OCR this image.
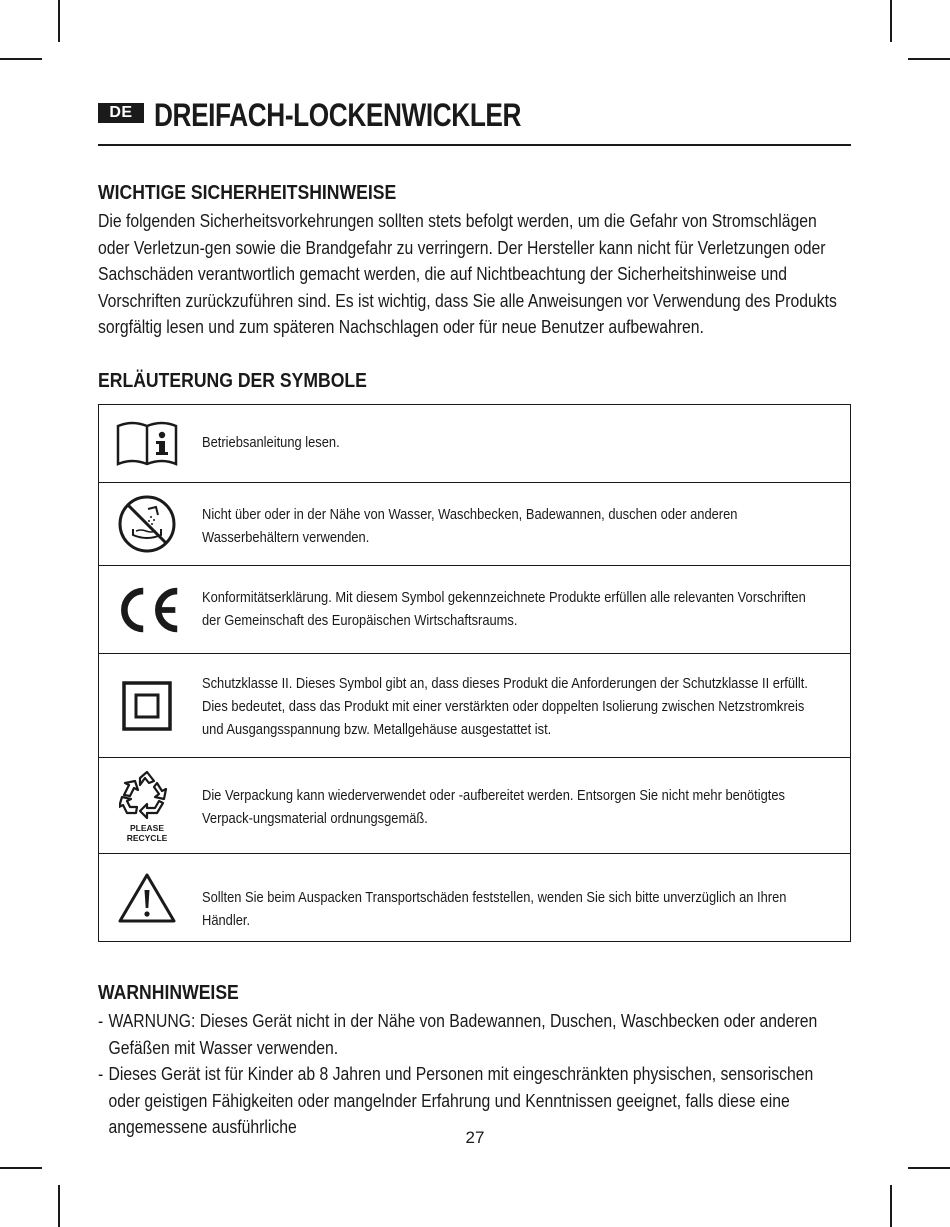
DE DREIFACH-LOCKENWICKLER
WICHTIGE SICHERHEITSHINWEISE
Die folgenden Sicherheitsvorkehrungen sollten stets befolgt werden, um die Gefahr von Stromschlägen oder Verletzun-gen sowie die Brandgefahr zu verringern. Der Hersteller kann nicht für Verletzungen oder Sachschäden verantwortlich gemacht werden, die auf Nichtbeachtung der Sicherheitshinweise und Vorschriften zurückzuführen sind. Es ist wichtig, dass Sie alle Anweisungen vor Verwendung des Produkts sorgfältig lesen und zum späteren Nachschlagen oder für neue Benutzer aufbewahren.
ERLÄUTERUNG DER SYMBOLE
Betriebsanleitung lesen.
Nicht über oder in der Nähe von Wasser, Waschbecken, Badewannen, duschen oder anderen Wasserbehältern verwenden.
Konformitätserklärung. Mit diesem Symbol gekennzeichnete Produkte erfüllen alle relevanten Vorschriften der Gemeinschaft des Europäischen Wirtschaftsraums.
Schutzklasse II. Dieses Symbol gibt an, dass dieses Produkt die Anforderungen der Schutzklasse II erfüllt.
Dies bedeutet, dass das Produkt mit einer verstärkten oder doppelten Isolierung zwischen Netzstromkreis und Ausgangsspannung bzw. Metallgehäuse ausgestattet ist.
PLEASE
RECYCLE
Die Verpackung kann wiederverwendet oder -aufbereitet werden. Entsorgen Sie nicht mehr benötigtes Verpack-ungsmaterial ordnungsgemäß.
Sollten Sie beim Auspacken Transportschäden feststellen, wenden Sie sich bitte unverzüglich an Ihren Händler.
WARNHINWEISE
- WARNUNG: Dieses Gerät nicht in der Nähe von Badewannen, Duschen, Waschbecken oder anderen Gefäßen mit Wasser verwenden.
- Dieses Gerät ist für Kinder ab 8 Jahren und Personen mit eingeschränkten physischen, sensorischen oder geistigen Fähigkeiten oder mangelnder Erfahrung und Kenntnissen geeignet, falls diese eine angemessene ausführliche
27
